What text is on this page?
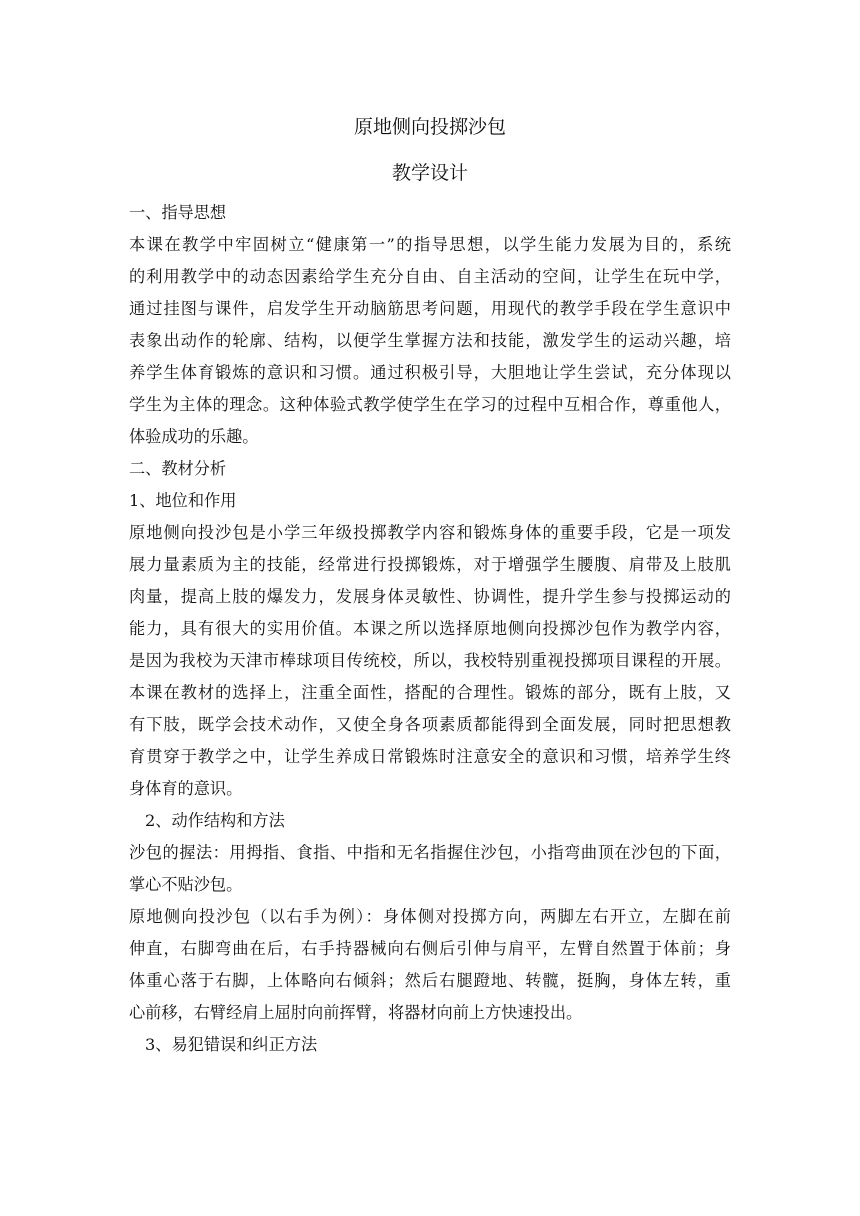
原地侧向投掷沙包
教学设计
一、指导思想
本课在教学中牢固树立“健康第一”的指导思想，以学生能力发展为目的，系统
的利用教学中的动态因素给学生充分自由、自主活动的空间，让学生在玩中学，
通过挂图与课件，启发学生开动脑筋思考问题，用现代的教学手段在学生意识中
表象出动作的轮廓、结构，以便学生掌握方法和技能，激发学生的运动兴趣，培
养学生体育锻炼的意识和习惯。通过积极引导，大胆地让学生尝试，充分体现以
学生为主体的理念。这种体验式教学使学生在学习的过程中互相合作，尊重他人，
体验成功的乐趣。
二、教材分析
1、地位和作用
原地侧向投沙包是小学三年级投掷教学内容和锻炼身体的重要手段，它是一项发
展力量素质为主的技能，经常进行投掷锻炼，对于增强学生腰腹、肩带及上肢肌
肉量，提高上肢的爆发力，发展身体灵敏性、协调性，提升学生参与投掷运动的
能力，具有很大的实用价值。本课之所以选择原地侧向投掷沙包作为教学内容，
是因为我校为天津市棒球项目传统校，所以，我校特别重视投掷项目课程的开展。
本课在教材的选择上，注重全面性，搭配的合理性。锻炼的部分，既有上肢，又
有下肢，既学会技术动作，又使全身各项素质都能得到全面发展，同时把思想教
育贯穿于教学之中，让学生养成日常锻炼时注意安全的意识和习惯，培养学生终
身体育的意识。
2、动作结构和方法
沙包的握法：用拇指、食指、中指和无名指握住沙包，小指弯曲顶在沙包的下面，
掌心不贴沙包。
原地侧向投沙包（以右手为例）：身体侧对投掷方向，两脚左右开立，左脚在前
伸直，右脚弯曲在后，右手持器械向右侧后引伸与肩平，左臂自然置于体前；身
体重心落于右脚，上体略向右倾斜；然后右腿蹬地、转髋，挺胸，身体左转，重
心前移，右臂经肩上屈肘向前挥臂，将器材向前上方快速投出。
3、易犯错误和纠正方法
